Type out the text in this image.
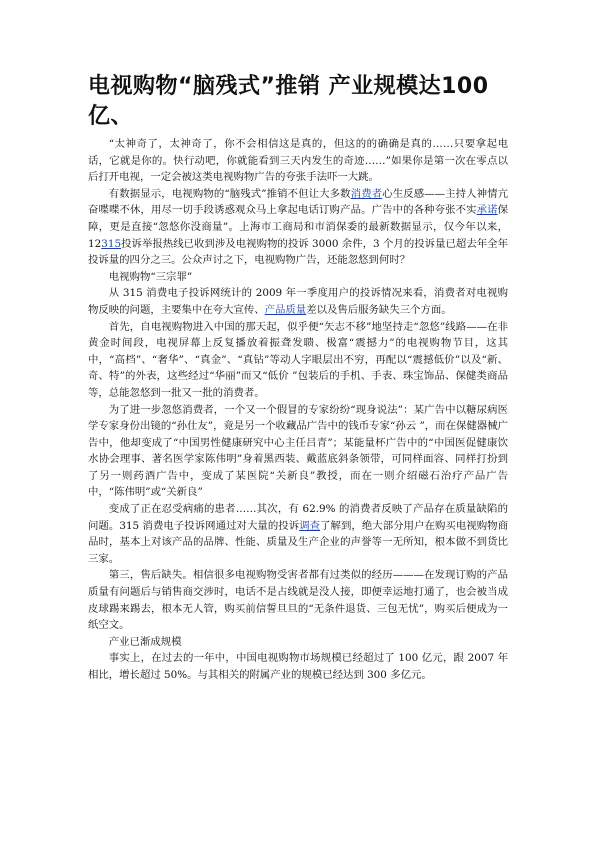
电视购物“脑残式”推销 产业规模达100亿、

“太神奇了，太神奇了，你不会相信这是真的，但这的的确确是真的……只要拿起电话，它就是你的。快行动吧，你就能看到三天内发生的奇迹……”如果你是第一次在零点以后打开电视，一定会被这类电视购物广告的夸张手法吓一大跳。

有数据显示，电视购物的“脑残式”推销不但让大多数消费者心生反感——主持人神情亢奋喋喋不休，用尽一切手段诱惑观众马上拿起电话订购产品。广告中的各种夸张不实承诺保障，更是直接“忽悠你没商量”。上海市工商局和市消保委的最新数据显示，仅今年以来，12315投诉举报热线已收到涉及电视购物的投诉 3000 余件，3 个月的投诉量已超去年全年投诉量的四分之三。公众声讨之下，电视购物广告，还能忽悠到何时？

电视购物“三宗罪”

从 315 消费电子投诉网统计的 2009 年一季度用户的投诉情况来看，消费者对电视购物反映的问题，主要集中在夸大宣传、产品质量差以及售后服务缺失三个方面。

首先，自电视购物进入中国的那天起，似乎便“矢志不移”地坚持走“忽悠”线路——在非黄金时间段，电视屏幕上反复播放着振聋发聩、极富“震撼力”的电视购物节目，这其中，“高档”、“奢华”、“真金”、“真钻”等动人字眼层出不穷，再配以“震撼低价”以及“新、奇、特”的外表，这些经过“华丽”而又“低价 ”包装后的手机、手表、珠宝饰品、保健类商品等，总能忽悠到一批又一批的消费者。

为了进一步忽悠消费者，一个又一个假冒的专家纷纷“现身说法”：某广告中以糖尿病医学专家身份出镜的“孙仕友”，竟是另一个收藏品广告中的钱币专家“孙云 ”，而在保健器械广告中，他却变成了“中国男性健康研究中心主任吕青”；某能量杯广告中的“中国医促健康饮水协会理事、著名医学家陈伟明”身着黑西装、戴蓝底斜条领带，可同样面容、同样打扮到了另一则药酒广告中，变成了某医院“关新良”教授，而在一则介绍磁石治疗产品广告中，“陈伟明”或“关新良”

变成了正在忍受病痛的患者……其次，有 62.9% 的消费者反映了产品存在质量缺陷的问题。315 消费电子投诉网通过对大量的投诉调查了解到，绝大部分用户在购买电视购物商品时，基本上对该产品的品牌、性能、质量及生产企业的声誉等一无所知，根本做不到货比三家。

第三，售后缺失。相信很多电视购物受害者都有过类似的经历———在发现订购的产品质量有问题后与销售商交涉时，电话不是占线就是没人接，即便幸运地打通了，也会被当成皮球踢来踢去，根本无人管，购买前信誓旦旦的“无条件退货、三包无忧”，购买后便成为一纸空文。

产业已渐成规模

事实上，在过去的一年中，中国电视购物市场规模已经超过了 100 亿元，跟 2007 年相比，增长超过 50%。与其相关的附属产业的规模已经达到 300 多亿元。
